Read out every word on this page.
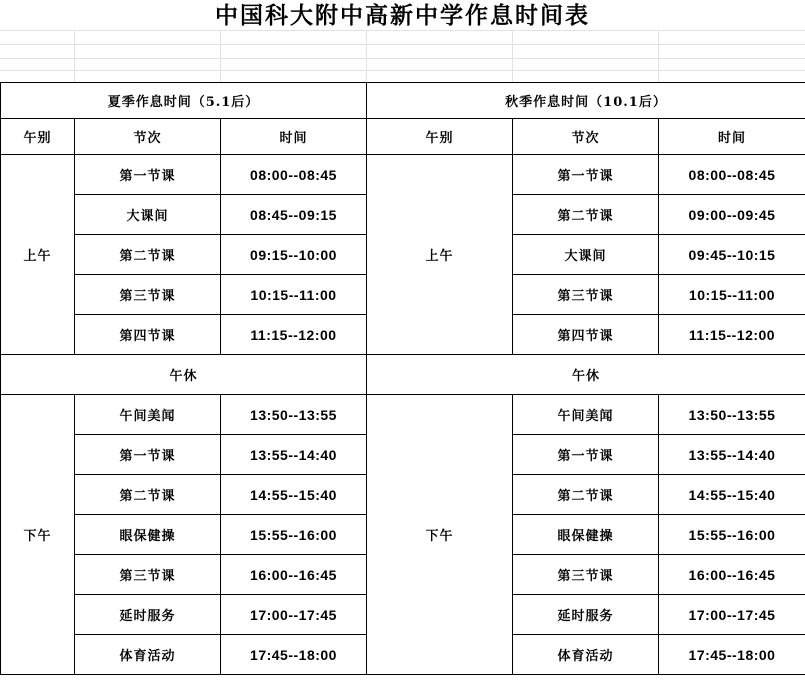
中国科大附中高新中学作息时间表
夏季作息时间（5.1后）			秋季作息时间（10.1后）		
午别	节次	时间	午别	节次	时间
上午	第一节课	08:00--08:45	上午	第一节课	08:00--08:45
	大课间	08:45--09:15		第二节课	09:00--09:45
	第二节课	09:15--10:00		大课间	09:45--10:15
	第三节课	10:15--11:00		第三节课	10:15--11:00
	第四节课	11:15--12:00		第四节课	11:15--12:00
午休			午休		
下午	午间美闻	13:50--13:55	下午	午间美闻	13:50--13:55
	第一节课	13:55--14:40		第一节课	13:55--14:40
	第二节课	14:55--15:40		第二节课	14:55--15:40
	眼保健操	15:55--16:00		眼保健操	15:55--16:00
	第三节课	16:00--16:45		第三节课	16:00--16:45
	延时服务	17:00--17:45		延时服务	17:00--17:45
	体育活动	17:45--18:00		体育活动	17:45--18:00
